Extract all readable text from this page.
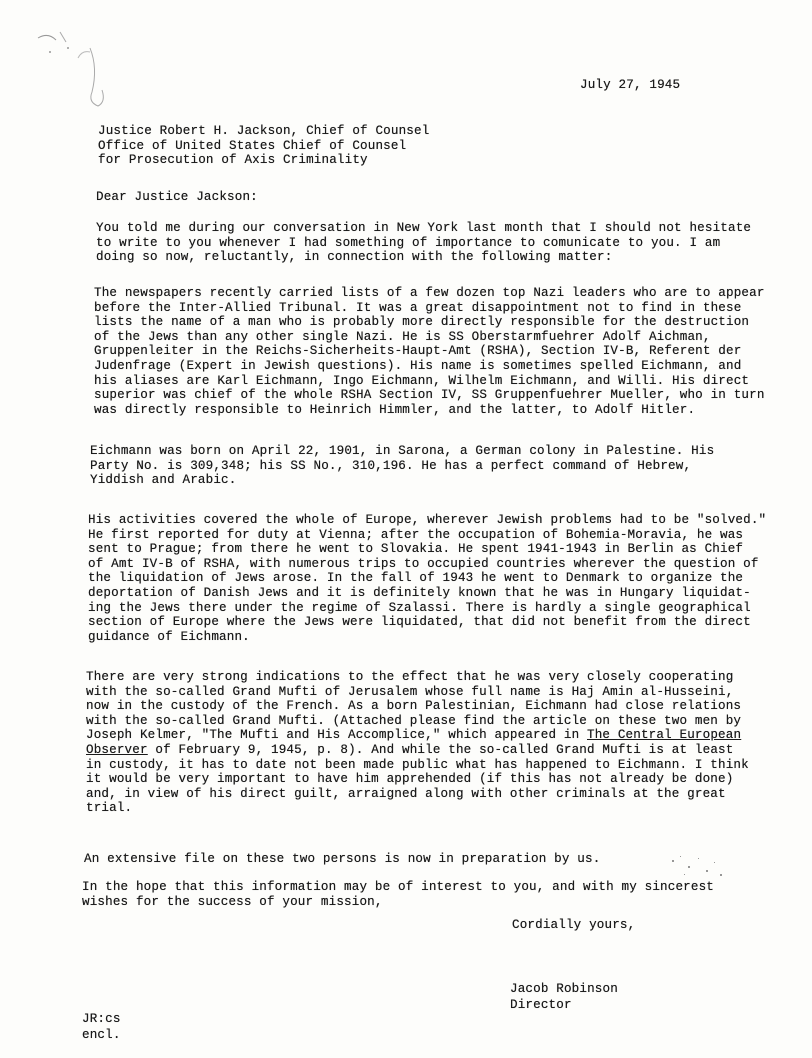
July 27, 1945
Justice Robert H. Jackson, Chief of Counsel
Office of United States Chief of Counsel
for Prosecution of Axis Criminality
Dear Justice Jackson:
You told me during our conversation in New York last month that I should not hesitate
to write to you whenever I had something of importance to comunicate to you. I am
doing so now, reluctantly, in connection with the following matter:
The newspapers recently carried lists of a few dozen top Nazi leaders who are to appear
before the Inter-Allied Tribunal. It was a great disappointment not to find in these
lists the name of a man who is probably more directly responsible for the destruction
of the Jews than any other single Nazi. He is SS Oberstarmfuehrer Adolf Aichman,
Gruppenleiter in the Reichs-Sicherheits-Haupt-Amt (RSHA), Section IV-B, Referent der
Judenfrage (Expert in Jewish questions). His name is sometimes spelled Eichmann, and
his aliases are Karl Eichmann, Ingo Eichmann, Wilhelm Eichmann, and Willi. His direct
superior was chief of the whole RSHA Section IV, SS Gruppenfuehrer Mueller, who in turn
was directly responsible to Heinrich Himmler, and the latter, to Adolf Hitler.
Eichmann was born on April 22, 1901, in Sarona, a German colony in Palestine. His
Party No. is 309,348; his SS No., 310,196. He has a perfect command of Hebrew,
Yiddish and Arabic.
His activities covered the whole of Europe, wherever Jewish problems had to be "solved."
He first reported for duty at Vienna; after the occupation of Bohemia-Moravia, he was
sent to Prague; from there he went to Slovakia. He spent 1941-1943 in Berlin as Chief
of Amt IV-B of RSHA, with numerous trips to occupied countries wherever the question of
the liquidation of Jews arose. In the fall of 1943 he went to Denmark to organize the
deportation of Danish Jews and it is definitely known that he was in Hungary liquidat-
ing the Jews there under the regime of Szalassi. There is hardly a single geographical
section of Europe where the Jews were liquidated, that did not benefit from the direct
guidance of Eichmann.
There are very strong indications to the effect that he was very closely cooperating
with the so-called Grand Mufti of Jerusalem whose full name is Haj Amin al-Husseini,
now in the custody of the French. As a born Palestinian, Eichmann had close relations
with the so-called Grand Mufti. (Attached please find the article on these two men by
Joseph Kelmer, "The Mufti and His Accomplice," which appeared in The Central European
Observer of February 9, 1945, p. 8). And while the so-called Grand Mufti is at least
in custody, it has to date not been made public what has happened to Eichmann. I think
it would be very important to have him apprehended (if this has not already be done)
and, in view of his direct guilt, arraigned along with other criminals at the great
trial.
An extensive file on these two persons is now in preparation by us.
In the hope that this information may be of interest to you, and with my sincerest
wishes for the success of your mission,
Cordially yours,
Jacob Robinson
Director
JR:cs
encl.
